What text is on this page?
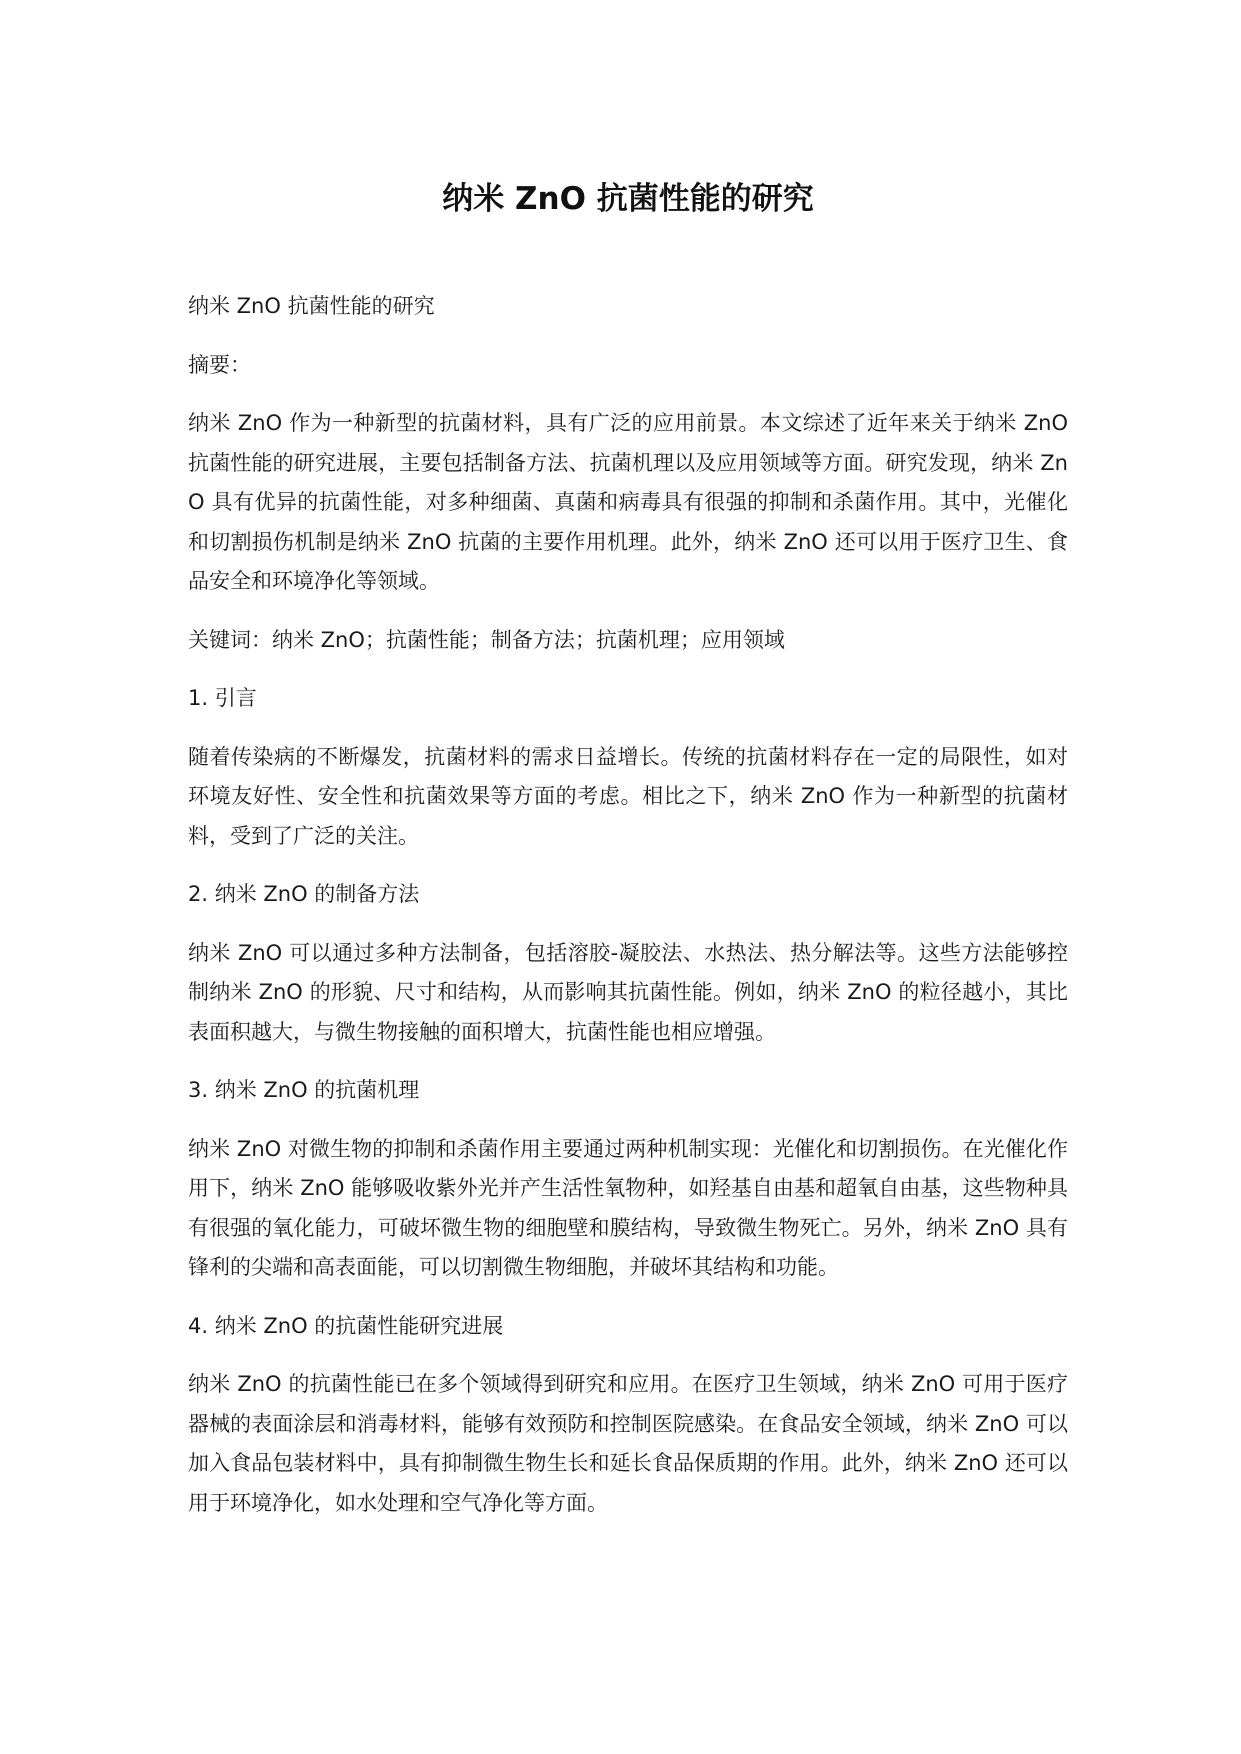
纳米 ZnO 抗菌性能的研究

纳米 ZnO 抗菌性能的研究

摘要：

纳米 ZnO 作为一种新型的抗菌材料，具有广泛的应用前景。本文综述了近年来关于纳米 ZnO 抗菌性能的研究进展，主要包括制备方法、抗菌机理以及应用领域等方面。研究发现，纳米 ZnO 具有优异的抗菌性能，对多种细菌、真菌和病毒具有很强的抑制和杀菌作用。其中，光催化和切割损伤机制是纳米 ZnO 抗菌的主要作用机理。此外，纳米 ZnO 还可以用于医疗卫生、食品安全和环境净化等领域。

关键词：纳米 ZnO；抗菌性能；制备方法；抗菌机理；应用领域

1. 引言

随着传染病的不断爆发，抗菌材料的需求日益增长。传统的抗菌材料存在一定的局限性，如对环境友好性、安全性和抗菌效果等方面的考虑。相比之下，纳米 ZnO 作为一种新型的抗菌材料，受到了广泛的关注。

2. 纳米 ZnO 的制备方法

纳米 ZnO 可以通过多种方法制备，包括溶胶-凝胶法、水热法、热分解法等。这些方法能够控制纳米 ZnO 的形貌、尺寸和结构，从而影响其抗菌性能。例如，纳米 ZnO 的粒径越小，其比表面积越大，与微生物接触的面积增大，抗菌性能也相应增强。

3. 纳米 ZnO 的抗菌机理

纳米 ZnO 对微生物的抑制和杀菌作用主要通过两种机制实现：光催化和切割损伤。在光催化作用下，纳米 ZnO 能够吸收紫外光并产生活性氧物种，如羟基自由基和超氧自由基，这些物种具有很强的氧化能力，可破坏微生物的细胞壁和膜结构，导致微生物死亡。另外，纳米 ZnO 具有锋利的尖端和高表面能，可以切割微生物细胞，并破坏其结构和功能。

4. 纳米 ZnO 的抗菌性能研究进展

纳米 ZnO 的抗菌性能已在多个领域得到研究和应用。在医疗卫生领域，纳米 ZnO 可用于医疗器械的表面涂层和消毒材料，能够有效预防和控制医院感染。在食品安全领域，纳米 ZnO 可以加入食品包装材料中，具有抑制微生物生长和延长食品保质期的作用。此外，纳米 ZnO 还可以用于环境净化，如水处理和空气净化等方面。
